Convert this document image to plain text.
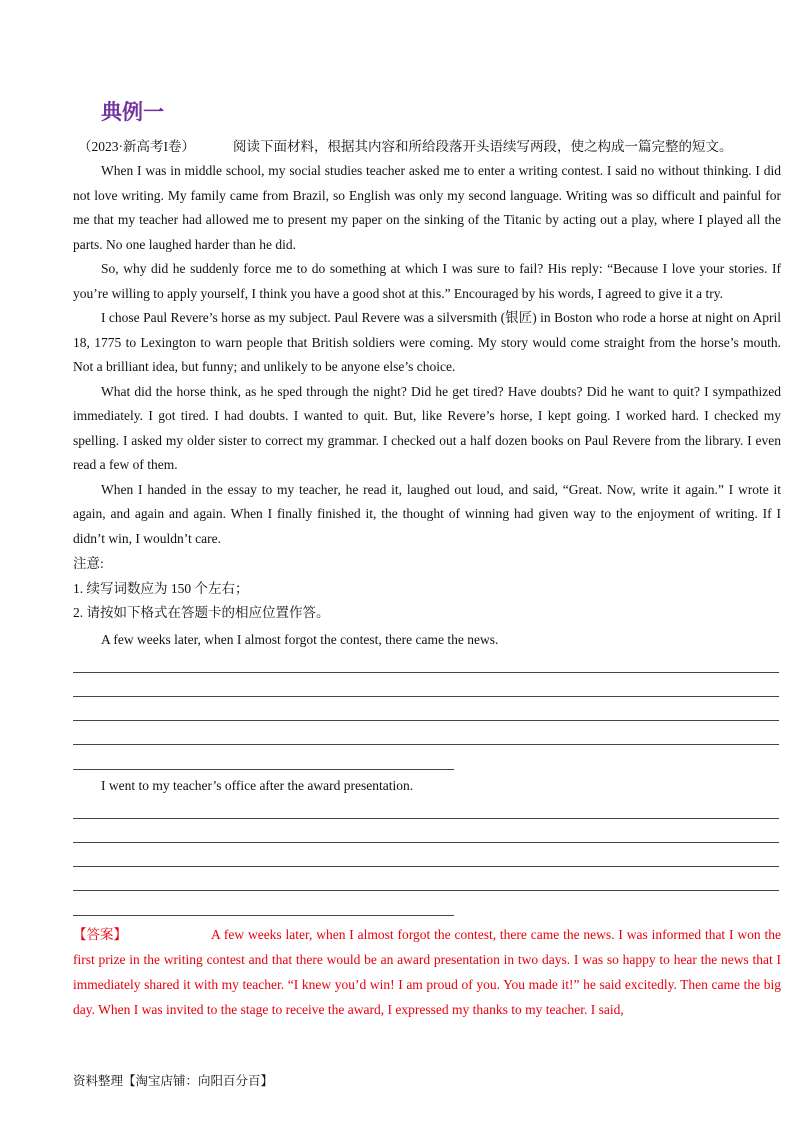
典例一
（2023·新高考I卷）	阅读下面材料，根据其内容和所给段落开头语续写两段，使之构成一篇完整的短文。

When I was in middle school, my social studies teacher asked me to enter a writing contest. I said no without thinking. I did not love writing. My family came from Brazil, so English was only my second language. Writing was so difficult and painful for me that my teacher had allowed me to present my paper on the sinking of the Titanic by acting out a play, where I played all the parts. No one laughed harder than he did.

So, why did he suddenly force me to do something at which I was sure to fail? His reply: “Because I love your stories. If you’re willing to apply yourself, I think you have a good shot at this.” Encouraged by his words, I agreed to give it a try.

I chose Paul Revere’s horse as my subject. Paul Revere was a silversmith (银匠) in Boston who rode a horse at night on April 18, 1775 to Lexington to warn people that British soldiers were coming. My story would come straight from the horse’s mouth. Not a brilliant idea, but funny; and unlikely to be anyone else’s choice.

What did the horse think, as he sped through the night? Did he get tired? Have doubts? Did he want to quit? I sympathized immediately. I got tired. I had doubts. I wanted to quit. But, like Revere’s horse, I kept going. I worked hard. I checked my spelling. I asked my older sister to correct my grammar. I checked out a half dozen books on Paul Revere from the library. I even read a few of them.

When I handed in the essay to my teacher, he read it, laughed out loud, and said, “Great. Now, write it again.” I wrote it again, and again and again. When I finally finished it, the thought of winning had given way to the enjoyment of writing. If I didn’t win, I wouldn’t care.

注意:
1. 续写词数应为 150 个左右；
2. 请按如下格式在答题卡的相应位置作答。
A few weeks later, when I almost forgot the contest, there came the news.
I went to my teacher’s office after the award presentation.
【答案】	A few weeks later, when I almost forgot the contest, there came the news. I was informed that I won the first prize in the writing contest and that there would be an award presentation in two days. I was so happy to hear the news that I immediately shared it with my teacher. “I knew you’d win! I am proud of you. You made it!” he said excitedly. Then came the big day. When I was invited to the stage to receive the award, I expressed my thanks to my teacher. I said,
资料整理【淘宝店铺：向阳百分百】
